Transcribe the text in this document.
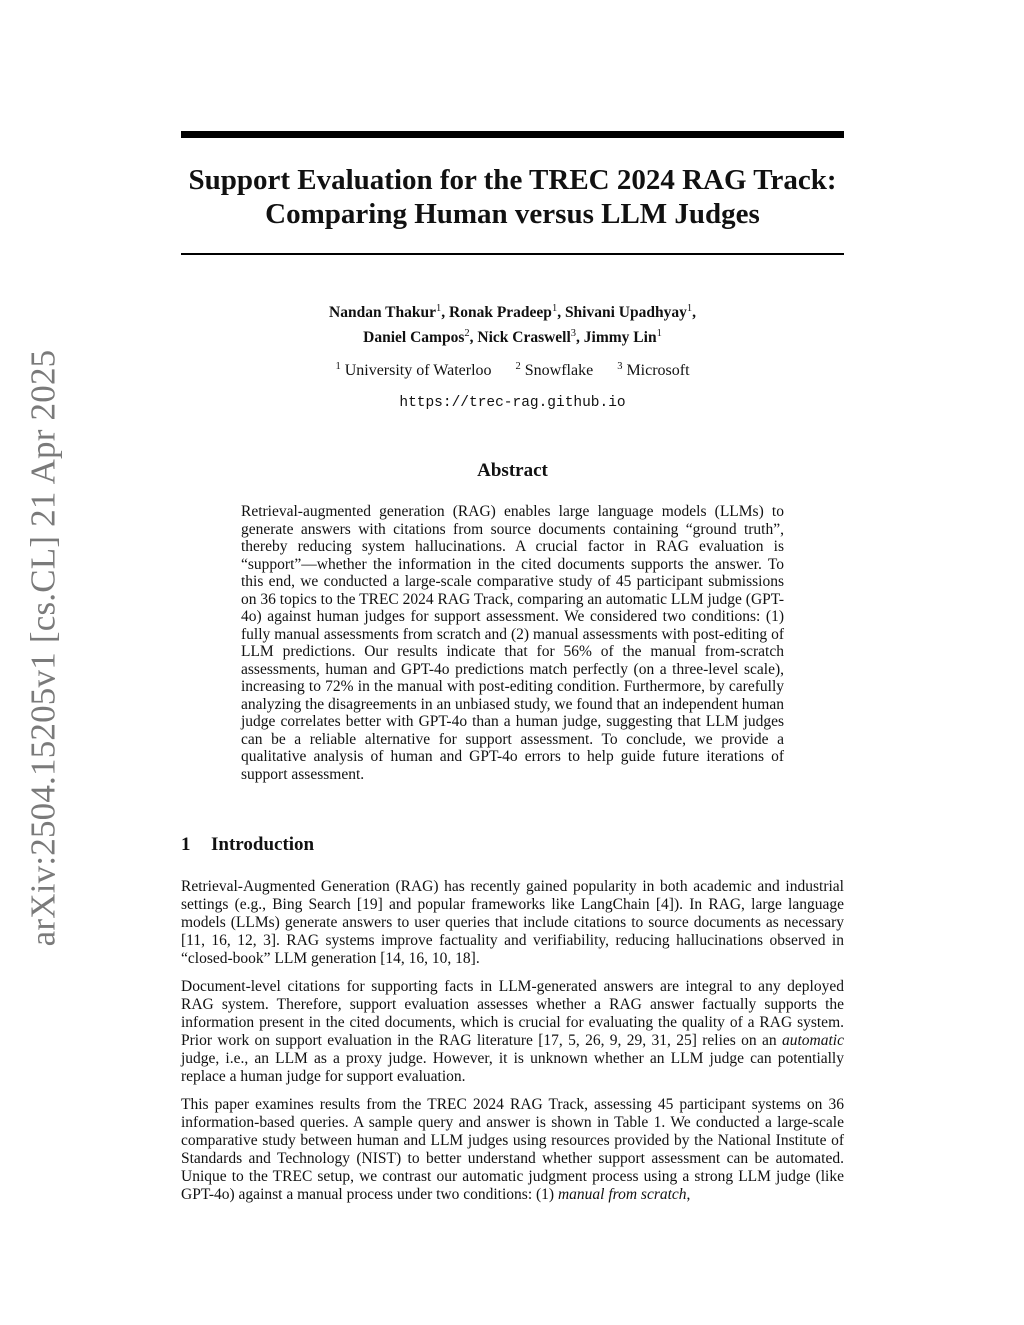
arXiv:2504.15205v1 [cs.CL] 21 Apr 2025
Support Evaluation for the TREC 2024 RAG Track:
Comparing Human versus LLM Judges
Nandan Thakur$^1$, Ronak Pradeep$^1$, Shivani Upadhyay$^1$,
Daniel Campos$^2$, Nick Craswell$^3$, Jimmy Lin$^1$
$^1$ University of Waterloo $^2$ Snowflake $^3$ Microsoft
https://trec-rag.github.io
Abstract
Retrieval-augmented generation (RAG) enables large language models (LLMs) to generate answers with citations from source documents containing “ground truth”, thereby reducing system hallucinations. A crucial factor in RAG evaluation is “support”—whether the information in the cited documents supports the answer. To this end, we conducted a large-scale comparative study of 45 participant submissions on 36 topics to the TREC 2024 RAG Track, comparing an automatic LLM judge (GPT-4o) against human judges for support assessment. We considered two conditions: (1) fully manual assessments from scratch and (2) manual assessments with post-editing of LLM predictions. Our results indicate that for 56% of the manual from-scratch assessments, human and GPT-4o predictions match perfectly (on a three-level scale), increasing to 72% in the manual with post-editing condition. Furthermore, by carefully analyzing the disagreements in an unbiased study, we found that an independent human judge correlates better with GPT-4o than a human judge, suggesting that LLM judges can be a reliable alternative for support assessment. To conclude, we provide a qualitative analysis of human and GPT-4o errors to help guide future iterations of support assessment.
1 Introduction

Retrieval-Augmented Generation (RAG) has recently gained popularity in both academic and industrial settings (e.g., Bing Search [19] and popular frameworks like LangChain [4]). In RAG, large language models (LLMs) generate answers to user queries that include citations to source documents as necessary [11, 16, 12, 3]. RAG systems improve factuality and verifiability, reducing hallucinations observed in “closed-book” LLM generation [14, 16, 10, 18].

Document-level citations for supporting facts in LLM-generated answers are integral to any deployed RAG system. Therefore, support evaluation assesses whether a RAG answer factually supports the information present in the cited documents, which is crucial for evaluating the quality of a RAG system. Prior work on support evaluation in the RAG literature [17, 5, 26, 9, 29, 31, 25] relies on an automatic judge, i.e., an LLM as a proxy judge. However, it is unknown whether an LLM judge can potentially replace a human judge for support evaluation.

This paper examines results from the TREC 2024 RAG Track, assessing 45 participant systems on 36 information-based queries. A sample query and answer is shown in Table 1. We conducted a large-scale comparative study between human and LLM judges using resources provided by the National Institute of Standards and Technology (NIST) to better understand whether support assessment can be automated. Unique to the TREC setup, we contrast our automatic judgment process using a strong LLM judge (like GPT-4o) against a manual process under two conditions: (1) manual from scratch,
